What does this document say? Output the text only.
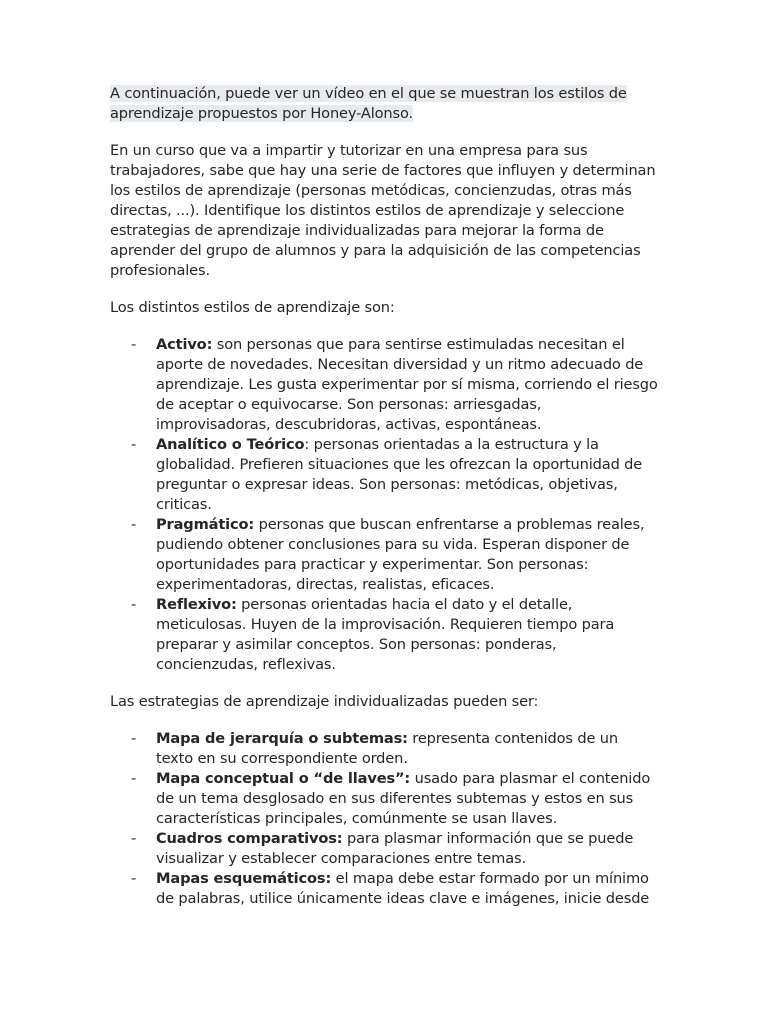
A continuación, puede ver un vídeo en el que se muestran los estilos de aprendizaje propuestos por Honey-Alonso.

En un curso que va a impartir y tutorizar en una empresa para sus trabajadores, sabe que hay una serie de factores que influyen y determinan los estilos de aprendizaje (personas metódicas, concienzudas, otras más directas, ...). Identifique los distintos estilos de aprendizaje y seleccione estrategias de aprendizaje individualizadas para mejorar la forma de aprender del grupo de alumnos y para la adquisición de las competencias profesionales.

Los distintos estilos de aprendizaje son:

- Activo: son personas que para sentirse estimuladas necesitan el aporte de novedades. Necesitan diversidad y un ritmo adecuado de aprendizaje. Les gusta experimentar por sí misma, corriendo el riesgo de aceptar o equivocarse. Son personas: arriesgadas, improvisadoras, descubridoras, activas, espontáneas.
- Analítico o Teórico: personas orientadas a la estructura y la globalidad. Prefieren situaciones que les ofrezcan la oportunidad de preguntar o expresar ideas. Son personas: metódicas, objetivas, criticas.
- Pragmático: personas que buscan enfrentarse a problemas reales, pudiendo obtener conclusiones para su vida. Esperan disponer de oportunidades para practicar y experimentar. Son personas: experimentadoras, directas, realistas, eficaces.
- Reflexivo: personas orientadas hacia el dato y el detalle, meticulosas. Huyen de la improvisación. Requieren tiempo para preparar y asimilar conceptos. Son personas: ponderas, concienzudas, reflexivas.

Las estrategias de aprendizaje individualizadas pueden ser:

- Mapa de jerarquía o subtemas: representa contenidos de un texto en su correspondiente orden.
- Mapa conceptual o “de llaves”: usado para plasmar el contenido de un tema desglosado en sus diferentes subtemas y estos en sus características principales, comúnmente se usan llaves.
- Cuadros comparativos: para plasmar información que se puede visualizar y establecer comparaciones entre temas.
- Mapas esquemáticos: el mapa debe estar formado por un mínimo de palabras, utilice únicamente ideas clave e imágenes, inicie desde
